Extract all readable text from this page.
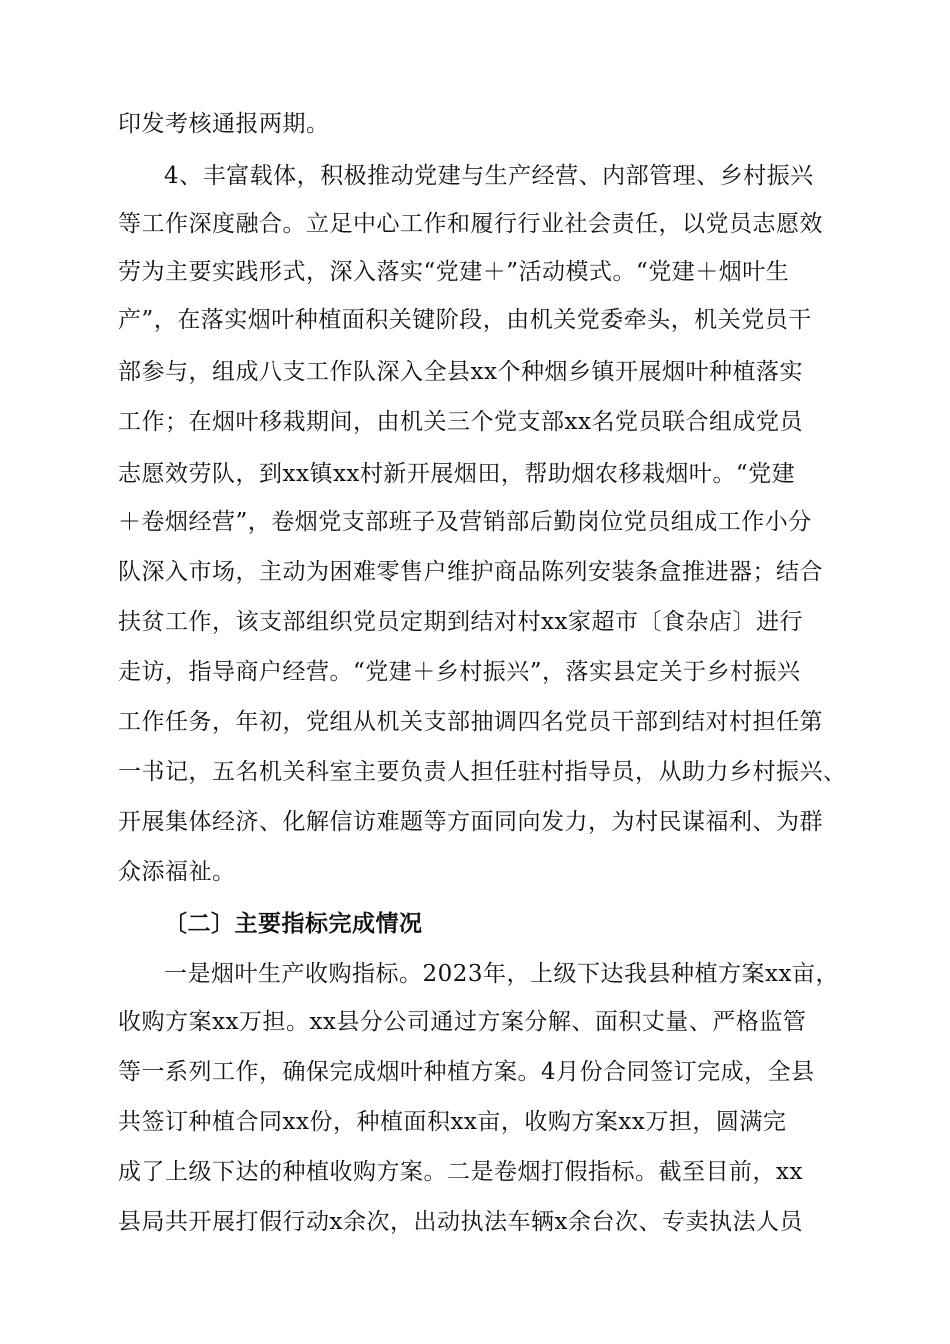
印发考核通报两期。
4、丰富载体，积极推动党建与生产经营、内部管理、乡村振兴
等工作深度融合。立足中心工作和履行行业社会责任，以党员志愿效
劳为主要实践形式，深入落实“党建＋”活动模式。“党建＋烟叶生
产”，在落实烟叶种植面积关键阶段，由机关党委牵头，机关党员干
部参与，组成八支工作队深入全县xx个种烟乡镇开展烟叶种植落实
工作；在烟叶移栽期间，由机关三个党支部xx名党员联合组成党员
志愿效劳队，到xx镇xx村新开展烟田，帮助烟农移栽烟叶。“党建
＋卷烟经营”，卷烟党支部班子及营销部后勤岗位党员组成工作小分
队深入市场，主动为困难零售户维护商品陈列安装条盒推进器；结合
扶贫工作，该支部组织党员定期到结对村xx家超市〔食杂店〕进行
走访，指导商户经营。“党建＋乡村振兴”，落实县定关于乡村振兴
工作任务，年初，党组从机关支部抽调四名党员干部到结对村担任第
一书记，五名机关科室主要负责人担任驻村指导员，从助力乡村振兴、
开展集体经济、化解信访难题等方面同向发力，为村民谋福利、为群
众添福祉。
〔二〕主要指标完成情况
一是烟叶生产收购指标。2023年，上级下达我县种植方案xx亩，
收购方案xx万担。xx县分公司通过方案分解、面积丈量、严格监管
等一系列工作，确保完成烟叶种植方案。4月份合同签订完成，全县
共签订种植合同xx份，种植面积xx亩，收购方案xx万担，圆满完
成了上级下达的种植收购方案。二是卷烟打假指标。截至目前，xx
县局共开展打假行动x余次，出动执法车辆x余台次、专卖执法人员
